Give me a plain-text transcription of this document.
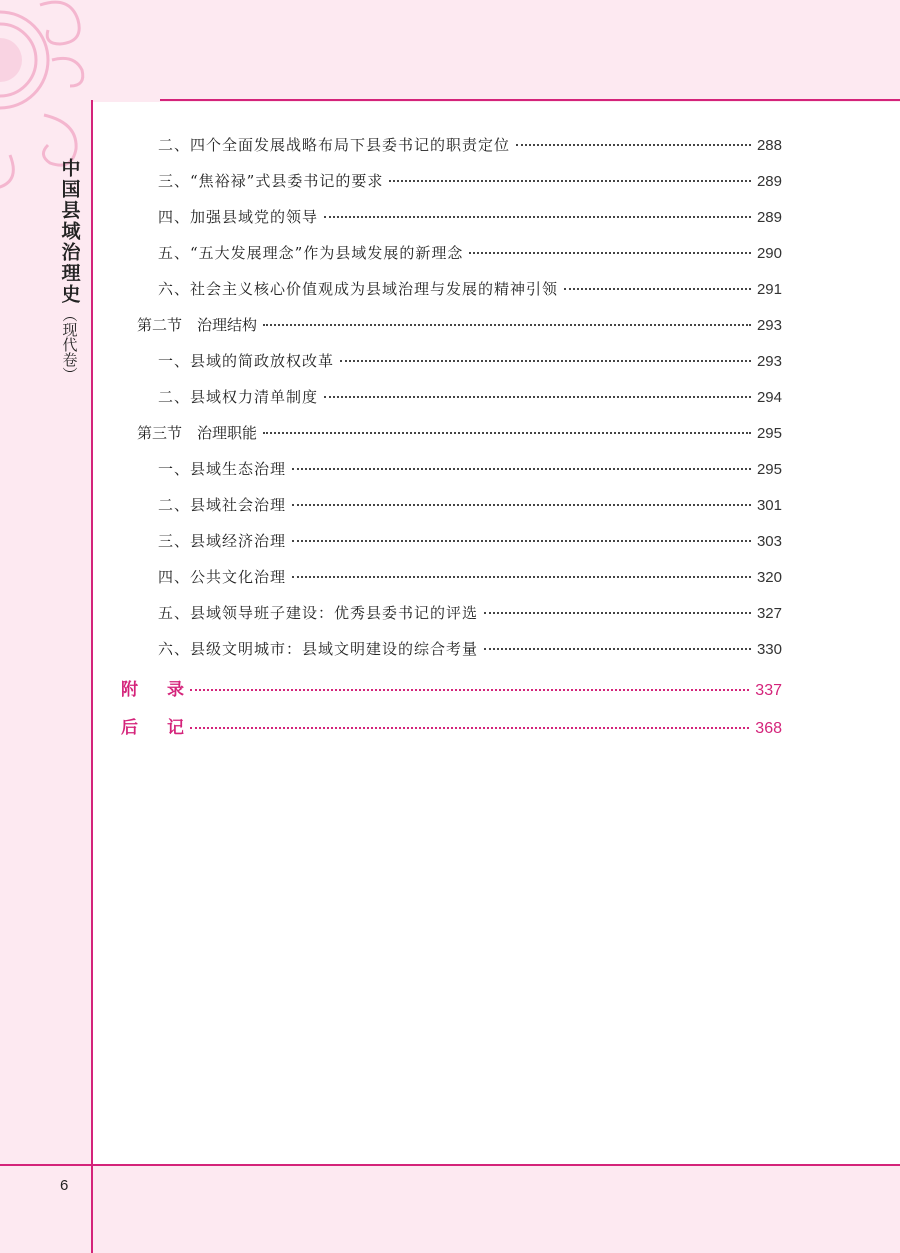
中国县域治理史
（现代卷）
二、四个全面发展战略布局下县委书记的职责定位	288
三、“焦裕禄”式县委书记的要求	289
四、加强县域党的领导	289
五、“五大发展理念”作为县域发展的新理念	290
六、社会主义核心价值观成为县域治理与发展的精神引领	291
第二节　治理结构	293
一、县域的简政放权改革	293
二、县域权力清单制度	294
第三节　治理职能	295
一、县域生态治理	295
二、县域社会治理	301
三、县域经济治理	303
四、公共文化治理	320
五、县域领导班子建设：优秀县委书记的评选	327
六、县级文明城市：县域文明建设的综合考量	330
附　录	337
后　记	368
6
